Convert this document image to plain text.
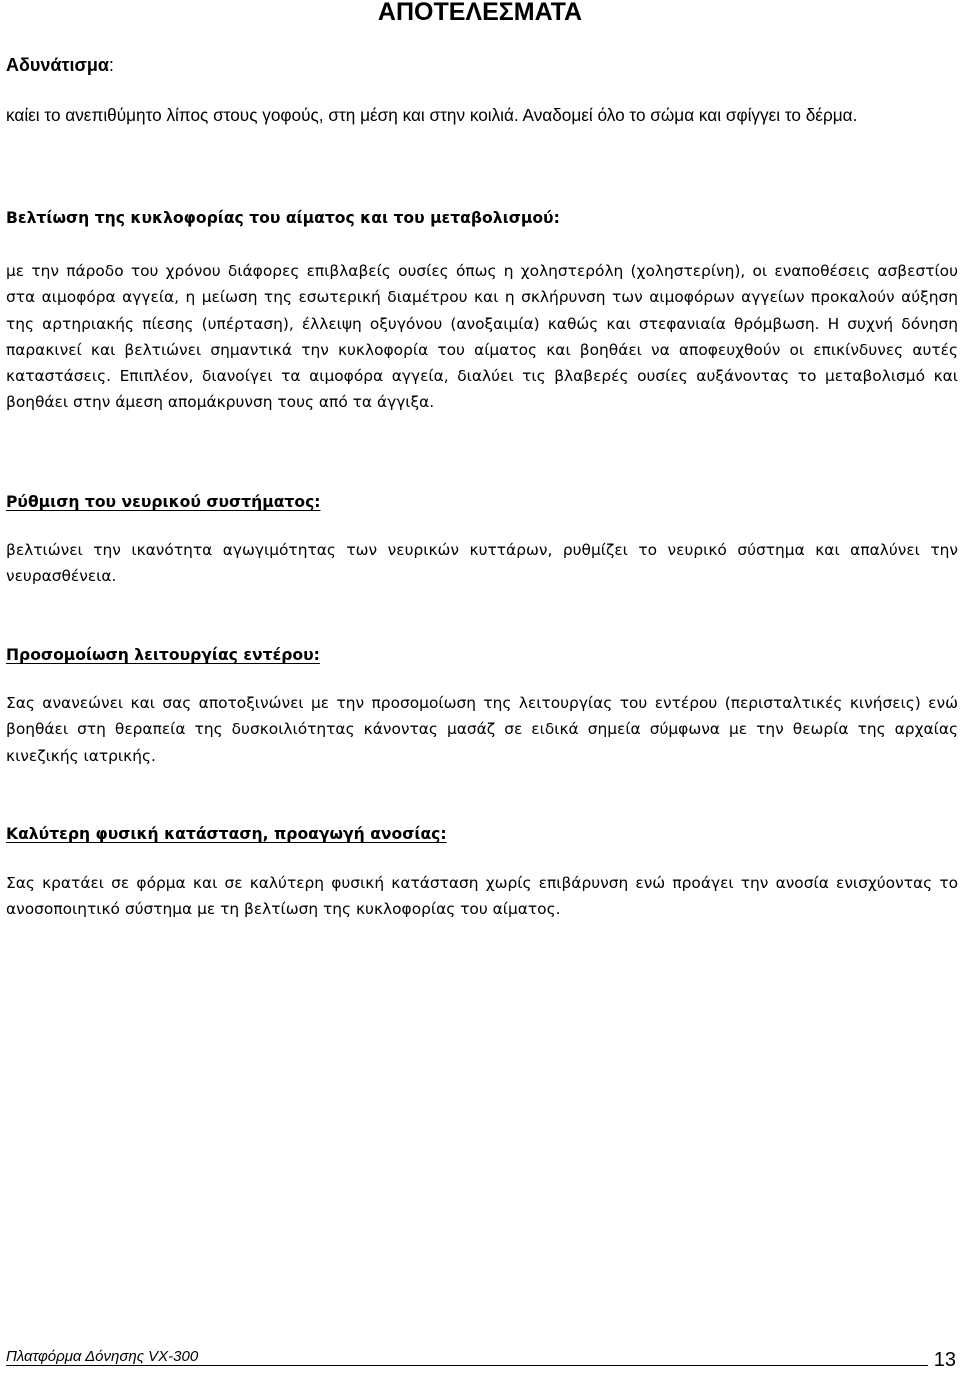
ΑΠΟΤΕΛΕΣΜΑΤΑ
Αδυνάτισμα:

καίει το ανεπιθύμητο λίπος στους γοφούς, στη μέση και στην κοιλιά. Αναδομεί όλο το σώμα και σφίγγει το δέρμα.

Βελτίωση της κυκλοφορίας του αίματος και του μεταβολισμού:

με την πάροδο του χρόνου διάφορες επιβλαβείς ουσίες όπως η χοληστερόλη (χοληστερίνη), οι εναποθέσεις ασβεστίου στα αιμοφόρα αγγεία, η μείωση της εσωτερική διαμέτρου και η σκλήρυνση των αιμοφόρων αγγείων προκαλούν αύξηση της αρτηριακής πίεσης (υπέρταση), έλλειψη οξυγόνου (ανοξαιμία) καθώς και στεφανιαία θρόμβωση. Η συχνή δόνηση παρακινεί και βελτιώνει σημαντικά την κυκλοφορία του αίματος και βοηθάει να αποφευχθούν οι επικίνδυνες αυτές καταστάσεις. Επιπλέον, διανοίγει τα αιμοφόρα αγγεία, διαλύει τις βλαβερές ουσίες αυξάνοντας το μεταβολισμό και βοηθάει στην άμεση απομάκρυνση τους από τα άγγιξα.

Ρύθμιση του νευρικού συστήματος:

βελτιώνει την ικανότητα αγωγιμότητας των νευρικών κυττάρων, ρυθμίζει το νευρικό σύστημα και απαλύνει την νευρασθένεια.

Προσομοίωση λειτουργίας εντέρου:

Σας ανανεώνει και σας αποτοξινώνει με την προσομοίωση της λειτουργίας του εντέρου (περισταλτικές κινήσεις) ενώ βοηθάει στη θεραπεία της δυσκοιλιότητας κάνοντας μασάζ σε ειδικά σημεία σύμφωνα με την θεωρία της αρχαίας κινεζικής ιατρικής.

Καλύτερη φυσική κατάσταση, προαγωγή ανοσίας:

Σας κρατάει σε φόρμα και σε καλύτερη φυσική κατάσταση χωρίς επιβάρυνση ενώ προάγει την ανοσία ενισχύοντας το ανοσοποιητικό σύστημα με τη βελτίωση της κυκλοφορίας του αίματος.

Πλατφόρμα Δόνησης VX-300	13
